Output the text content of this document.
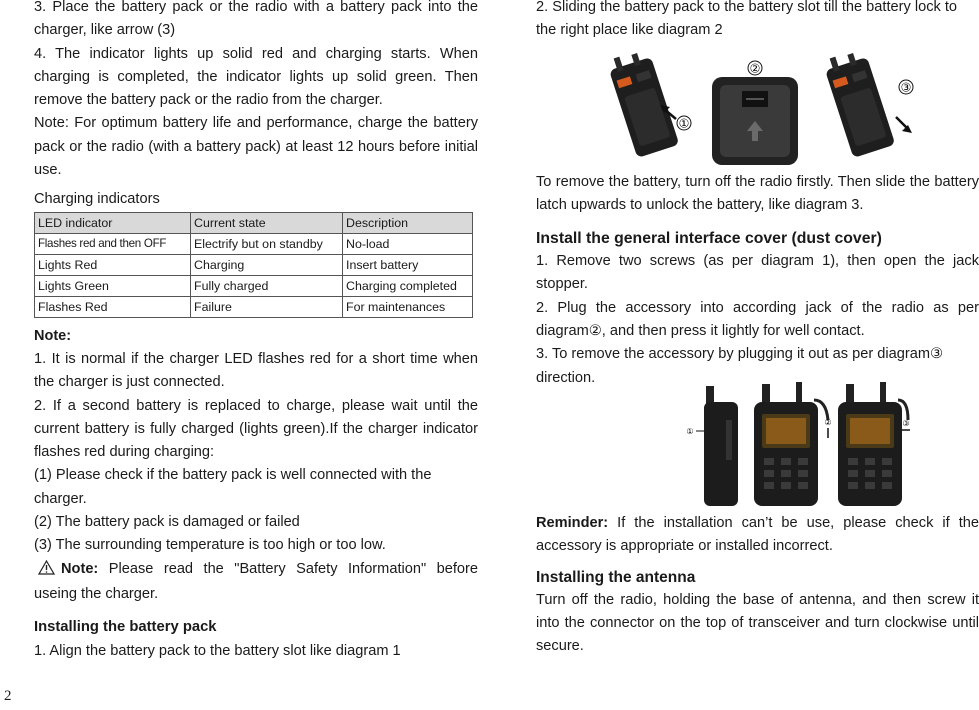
3. Place the battery pack or the radio with a battery pack into the charger, like arrow (3)

4. The indicator lights up solid red and charging starts. When charging is completed, the indicator lights up solid green. Then remove the battery pack or the radio from the charger.

Note: For optimum battery life and performance, charge the battery pack or the radio (with a battery pack) at least 12 hours before initial use.

Charging indicators

LED indicator	Current state	Description
Flashes red and then OFF	Electrify but on standby	No-load
Lights Red	Charging	Insert battery
Lights Green	Fully charged	Charging completed
Flashes Red	Failure	For maintenances

Note:

1. It is normal if the charger LED flashes red for a short time when the charger is just connected.

2. If a second battery is replaced to charge, please wait until the current battery is fully charged (lights green).If the charger indicator flashes red during charging:

(1) Please check if the battery pack is well connected with the charger.

(2) The battery pack is damaged or failed

(3) The surrounding temperature is too high or too low.

Note: Please read the "Battery Safety Information" before useing the charger.

Installing the battery pack

1. Align the battery pack to the battery slot like diagram 1

2. Sliding the battery pack to the battery slot till the battery lock to the right place like diagram 2

①
②
③

To remove the battery, turn off the radio firstly. Then slide the battery latch upwards to unlock the battery, like diagram 3.

Install the general interface cover (dust cover)

1. Remove two screws (as per diagram 1), then open the jack stopper.

2. Plug the accessory into according jack of the radio as per diagram②, and then press it lightly for well contact.

3. To remove the accessory by plugging it out as per diagram③ direction.

①
②	③

Reminder: If the installation can’t be use, please check if the accessory is appropriate or installed incorrect.

Installing the antenna

Turn off the radio, holding the base of antenna, and then screw it into the connector on the top of transceiver and turn clockwise until secure.

2
